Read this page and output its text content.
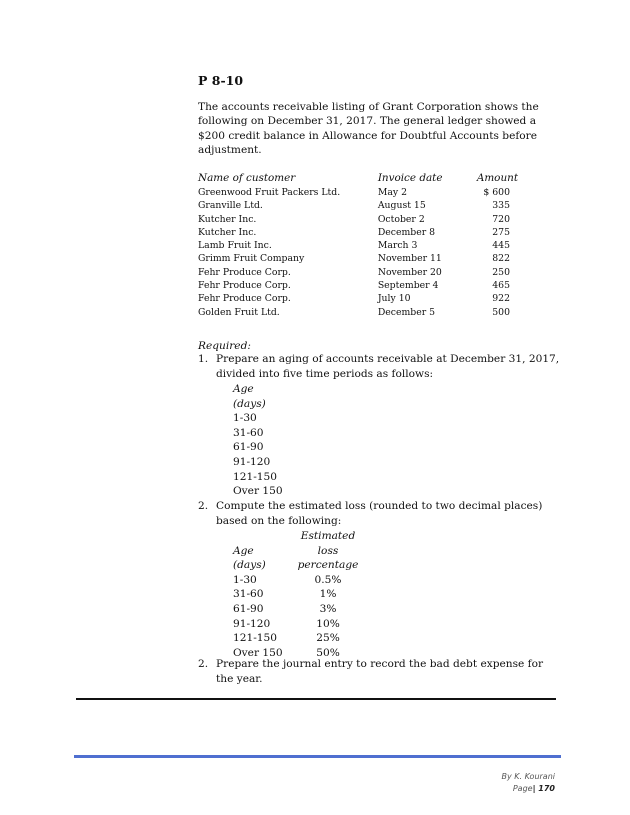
P 8-10
The accounts receivable listing of Grant Corporation shows the following on December 31, 2017. The general ledger showed a $200 credit balance in Allowance for Doubtful Accounts before adjustment.
Name of customer	Invoice date	Amount
Greenwood Fruit Packers Ltd.	May 2	$ 600
Granville Ltd.	August 15	335
Kutcher Inc.	October 2	720
Kutcher Inc.	December 8	275
Lamb Fruit Inc.	March 3	445
Grimm Fruit Company	November 11	822
Fehr Produce Corp.	November 20	250
Fehr Produce Corp.	September 4	465
Fehr Produce Corp.	July 10	922
Golden Fruit Ltd.	December 5	500
Required:
1. Prepare an aging of accounts receivable at December 31, 2017, divided into five time periods as follows:
Age
(days)
1-30
31-60
61-90
91-120
121-150
Over 150
2. Compute the estimated loss (rounded to two decimal places) based on the following:
Estimated
Age	loss
(days)	percentage
1-30	0.5%
31-60	1%
61-90	3%
91-120	10%
121-150	25%
Over 150	50%
2. Prepare the journal entry to record the bad debt expense for the year.
By K. Kourani
Page| 170
